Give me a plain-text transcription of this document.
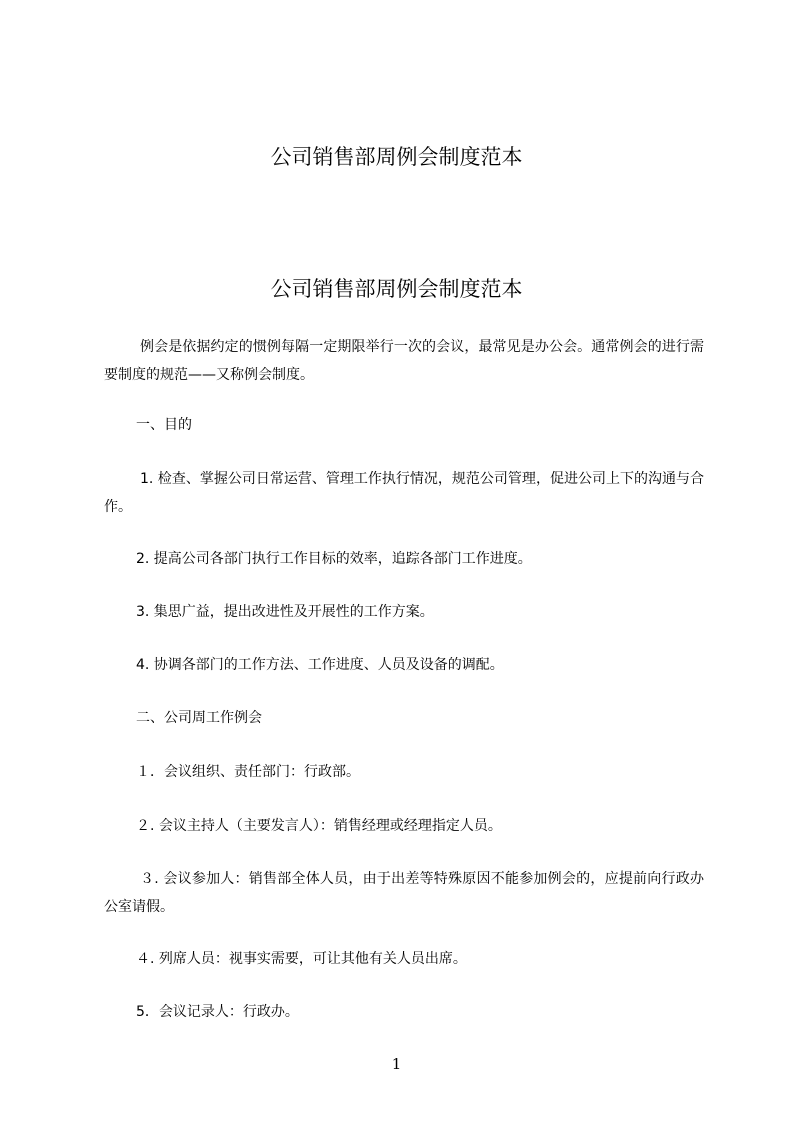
公司销售部周例会制度范本
公司销售部周例会制度范本

例会是依据约定的惯例每隔一定期限举行一次的会议，最常见是办公会。通常例会的进行需要制度的规范——又称例会制度。

一、目的

1. 检查、掌握公司日常运营、管理工作执行情况，规范公司管理，促进公司上下的沟通与合作。

2. 提高公司各部门执行工作目标的效率，追踪各部门工作进度。

3. 集思广益，提出改进性及开展性的工作方案。

4. 协调各部门的工作方法、工作进度、人员及设备的调配。

二、公司周工作例会

１．会议组织、责任部门：行政部。

２. 会议主持人（主要发言人）：销售经理或经理指定人员。

３. 会议参加人：销售部全体人员，由于出差等特殊原因不能参加例会的，应提前向行政办公室请假。

４. 列席人员：视事实需要，可让其他有关人员出席。

5．会议记录人：行政办。

1
